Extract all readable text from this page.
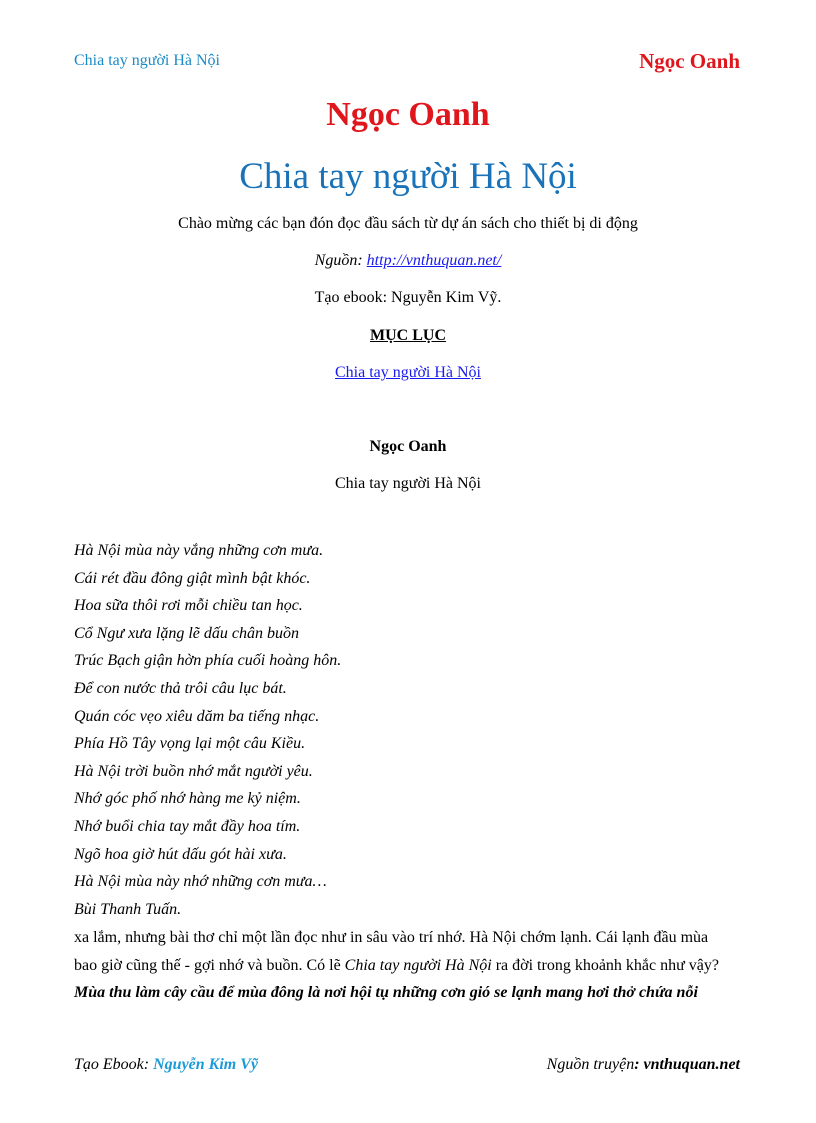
Chia tay người Hà Nội	Ngọc Oanh
Ngọc Oanh
Chia tay người Hà Nội
Chào mừng các bạn đón đọc đầu sách từ dự án sách cho thiết bị di động
Nguồn: http://vnthuquan.net/
Tạo ebook: Nguyễn Kim Vỹ.
MỤC LỤC
Chia tay người Hà Nội
Ngọc Oanh
Chia tay người Hà Nội
Hà Nội mùa này vắng những cơn mưa.
Cái rét đầu đông giật mình bật khóc.
Hoa sữa thôi rơi mỗi chiều tan học.
Cổ Ngư xưa lặng lẽ dấu chân buồn
Trúc Bạch giận hờn phía cuối hoàng hôn.
Để con nước thả trôi câu lục bát.
Quán cóc vẹo xiêu dăm ba tiếng nhạc.
Phía Hồ Tây vọng lại một câu Kiều.
Hà Nội trời buồn nhớ mắt người yêu.
Nhớ góc phố nhớ hàng me kỷ niệm.
Nhớ buổi chia tay mắt đầy hoa tím.
Ngõ hoa giờ hút dấu gót hài xưa.
Hà Nội mùa này nhớ những cơn mưa…
Bùi Thanh Tuấn.

xa lắm, nhưng bài thơ chỉ một lần đọc như in sâu vào trí nhớ. Hà Nội chớm lạnh. Cái lạnh đầu mùa

bao giờ cũng thế - gợi nhớ và buồn. Có lẽ Chia tay người Hà Nội ra đời trong khoảnh khắc như vậy?

Mùa thu làm cây cầu để mùa đông là nơi hội tụ những cơn gió se lạnh mang hơi thở chứa nỗi

Tạo Ebook: Nguyễn Kim Vỹ	Nguồn truyện: vnthuquan.net
